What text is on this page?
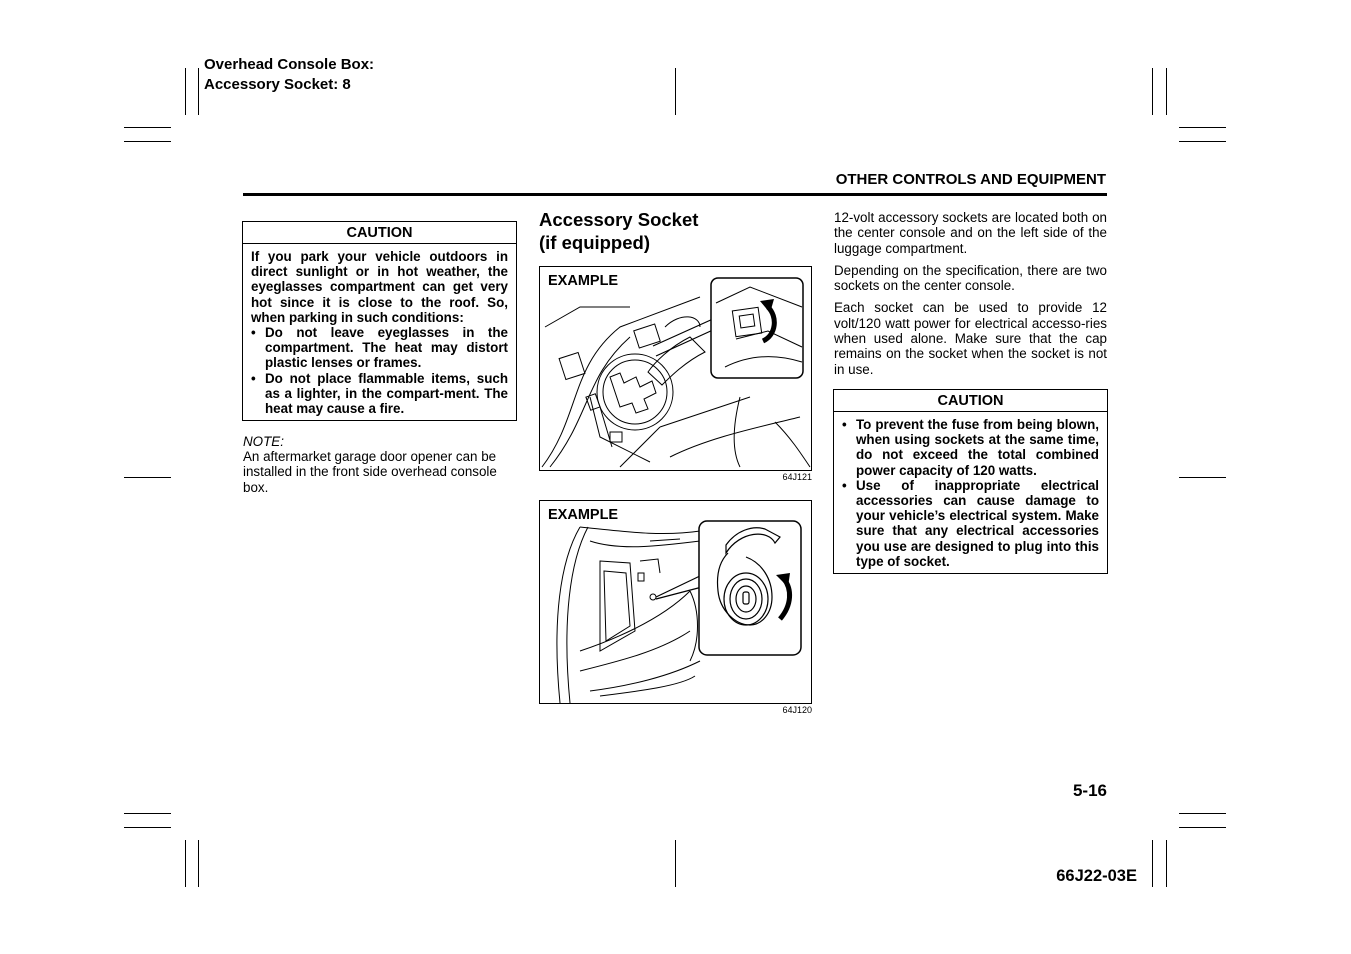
Overhead Console Box:
Accessory Socket: 8
OTHER CONTROLS AND EQUIPMENT
CAUTION
If you park your vehicle outdoors in direct sunlight or in hot weather, the eyeglasses compartment can get very hot since it is close to the roof. So, when parking in such conditions:
• Do not leave eyeglasses in the compartment. The heat may distort plastic lenses or frames.
• Do not place flammable items, such as a lighter, in the compart-ment. The heat may cause a fire.
NOTE:
An aftermarket garage door opener can be installed in the front side overhead console box.
Accessory Socket
(if equipped)
EXAMPLE
64J121
EXAMPLE
64J120

12-volt accessory sockets are located both on the center console and on the left side of the luggage compartment.

Depending on the specification, there are two sockets on the center console.

Each socket can be used to provide 12 volt/120 watt power for electrical accesso-ries when used alone. Make sure that the cap remains on the socket when the socket is not in use.

CAUTION
• To prevent the fuse from being blown, when using sockets at the same time, do not exceed the total combined power capacity of 120 watts.
• Use of inappropriate electrical accessories can cause damage to your vehicle’s electrical system. Make sure that any electrical accessories you use are designed to plug into this type of socket.
5-16
66J22-03E
